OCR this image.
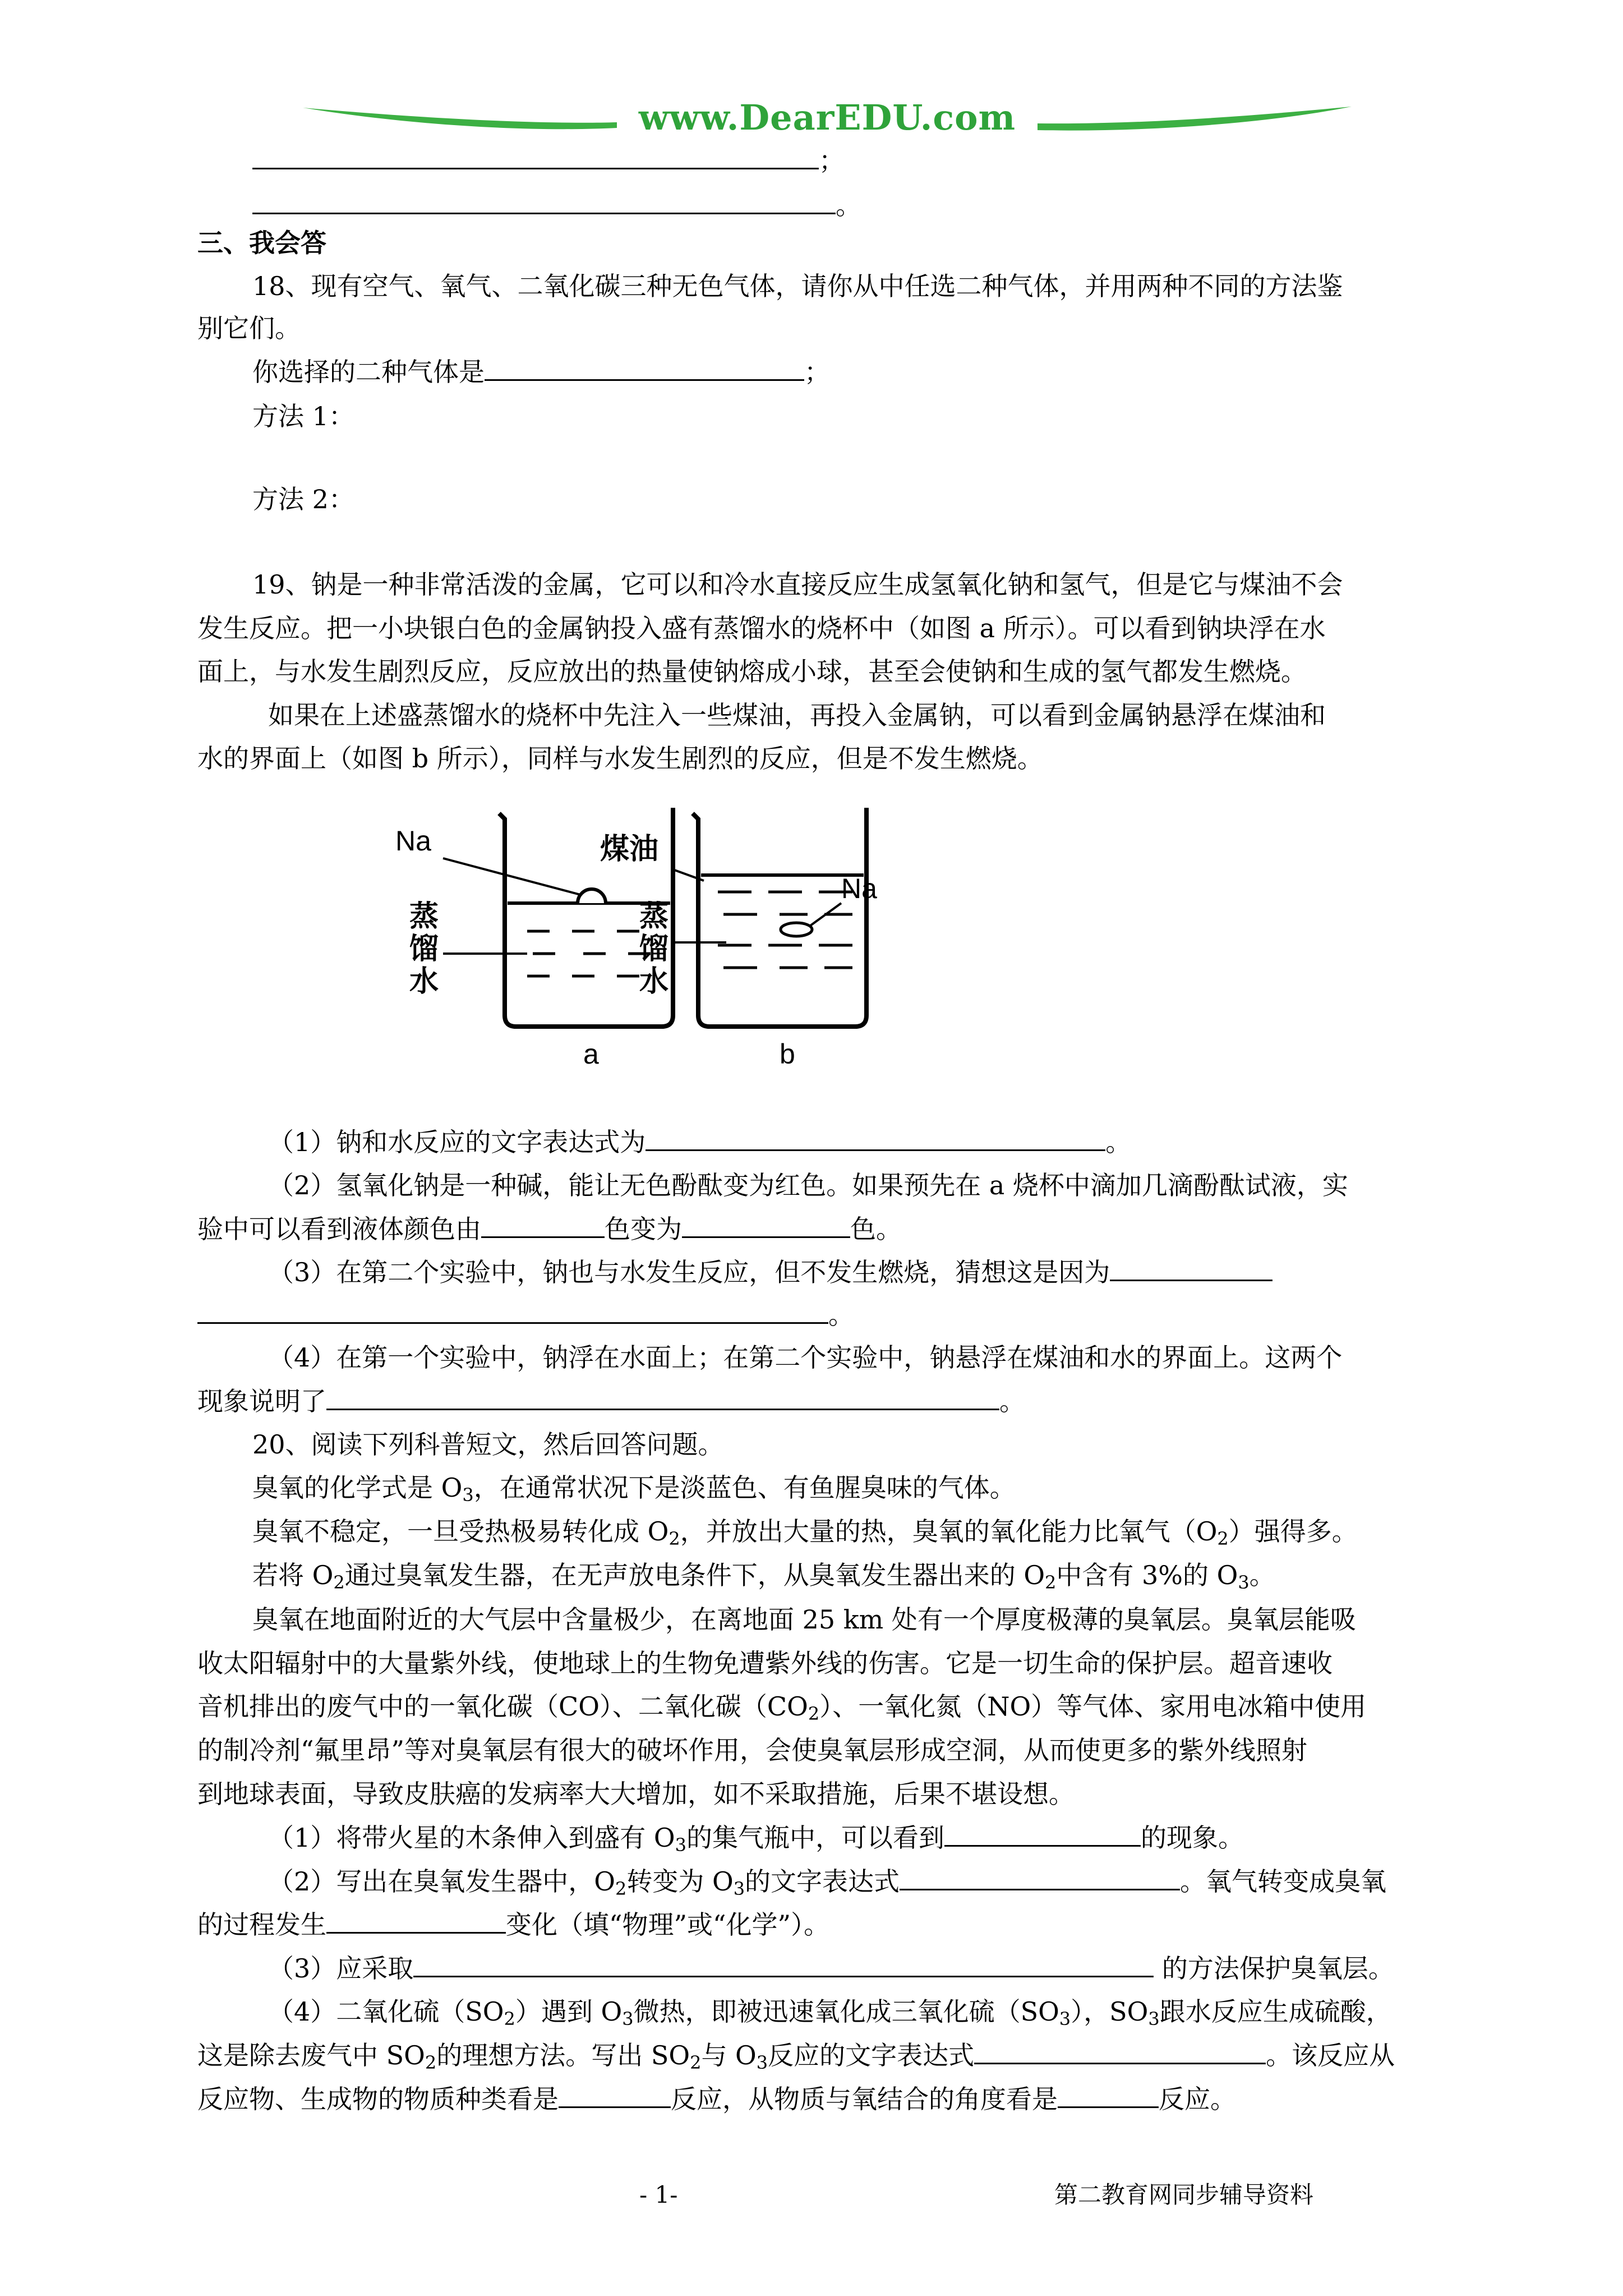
www.DearEDU.com
；
。
三、我会答
18、现有空气、氧气、二氧化碳三种无色气体，请你从中任选二种气体，并用两种不同的方法鉴
别它们。
你选择的二种气体是	；
方法 1：
方法 2：
19、钠是一种非常活泼的金属，它可以和冷水直接反应生成氢氧化钠和氢气，但是它与煤油不会
发生反应。把一小块银白色的金属钠投入盛有蒸馏水的烧杯中（如图 a 所示）。可以看到钠块浮在水
面上，与水发生剧烈反应，反应放出的热量使钠熔成小球，甚至会使钠和生成的氢气都发生燃烧。
如果在上述盛蒸馏水的烧杯中先注入一些煤油，再投入金属钠，可以看到金属钠悬浮在煤油和
水的界面上（如图 b 所示），同样与水发生剧烈的反应，但是不发生燃烧。
Na
蒸馏水
a
煤油
Na
蒸馏水
b
（1）钠和水反应的文字表达式为	。
（2）氢氧化钠是一种碱，能让无色酚酞变为红色。如果预先在 a 烧杯中滴加几滴酚酞试液，实
验中可以看到液体颜色由	色变为	色。
（3）在第二个实验中，钠也与水发生反应，但不发生燃烧，猜想这是因为
。
（4）在第一个实验中，钠浮在水面上；在第二个实验中，钠悬浮在煤油和水的界面上。这两个
现象说明了	。
20、阅读下列科普短文，然后回答问题。
臭氧的化学式是 $O_3$，在通常状况下是淡蓝色、有鱼腥臭味的气体。
臭氧不稳定，一旦受热极易转化成 $O_2$，并放出大量的热，臭氧的氧化能力比氧气$(O_2)$强得多。
若将 $O_2$通过臭氧发生器，在无声放电条件下，从臭氧发生器出来的 $O_2$中含有 3%的 $O_3$。
臭氧在地面附近的大气层中含量极少，在离地面 25 km 处有一个厚度极薄的臭氧层。臭氧层能吸
收太阳辐射中的大量紫外线，使地球上的生物免遭紫外线的伤害。它是一切生命的保护层。超音速收
音机排出的废气中的一氧化碳（CO）、二氧化碳$(CO_2)$、一氧化氮（NO）等气体、家用电冰箱中使用
的制冷剂“氟里昂”等对臭氧层有很大的破坏作用，会使臭氧层形成空洞，从而使更多的紫外线照射
到地球表面，导致皮肤癌的发病率大大增加，如不采取措施，后果不堪设想。
（1）将带火星的木条伸入到盛有 $O_3$的集气瓶中，可以看到	的现象。
（2）写出在臭氧发生器中，$O_2$转变为 $O_3$的文字表达式	。氧气转变成臭氧
的过程发生	变化（填“物理”或“化学”）。
（3）应采取	的方法保护臭氧层。
（4）二氧化硫$(SO_2)$遇到 $O_3$微热，即被迅速氧化成三氧化硫$(SO_3)$，$SO_3$跟水反应生成硫酸，
这是除去废气中 $SO_2$的理想方法。写出 $SO_2$与 $O_3$反应的文字表达式	。该反应从
反应物、生成物的物质种类看是	反应，从物质与氧结合的角度看是	反应。
- 1-	第二教育网同步辅导资料
